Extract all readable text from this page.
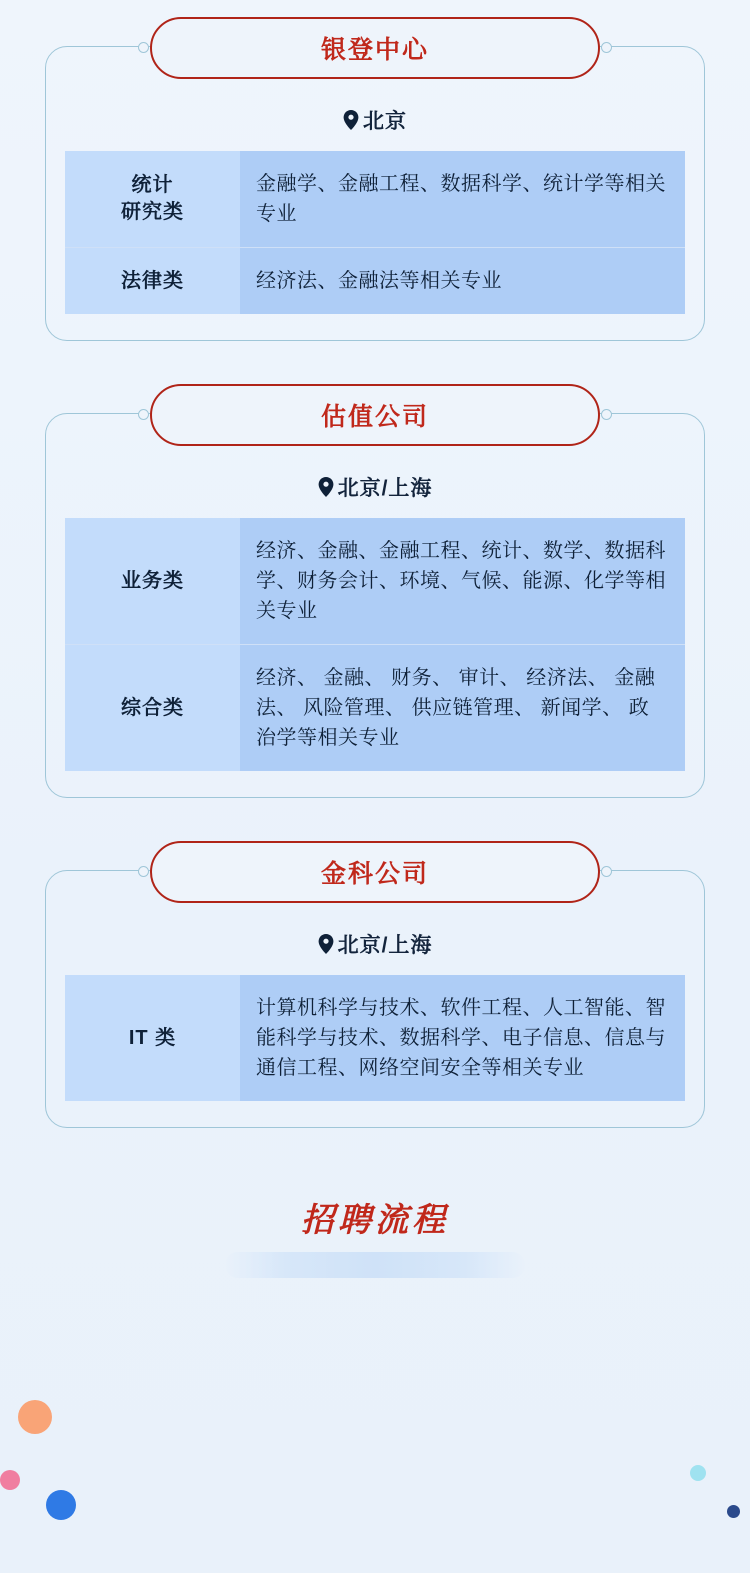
银登中心
北京
统计
研究类	金融学、金融工程、数据科学、统计学等相关专业
法律类	经济法、金融法等相关专业
估值公司
北京/上海
业务类	经济、金融、金融工程、统计、数学、数据科学、财务会计、环境、气候、能源、化学等相关专业
综合类	经济、 金融、 财务、 审计、 经济法、 金融法、 风险管理、 供应链管理、 新闻学、 政治学等相关专业
金科公司
北京/上海
IT 类	计算机科学与技术、软件工程、人工智能、智能科学与技术、数据科学、电子信息、信息与通信工程、网络空间安全等相关专业
招聘流程
